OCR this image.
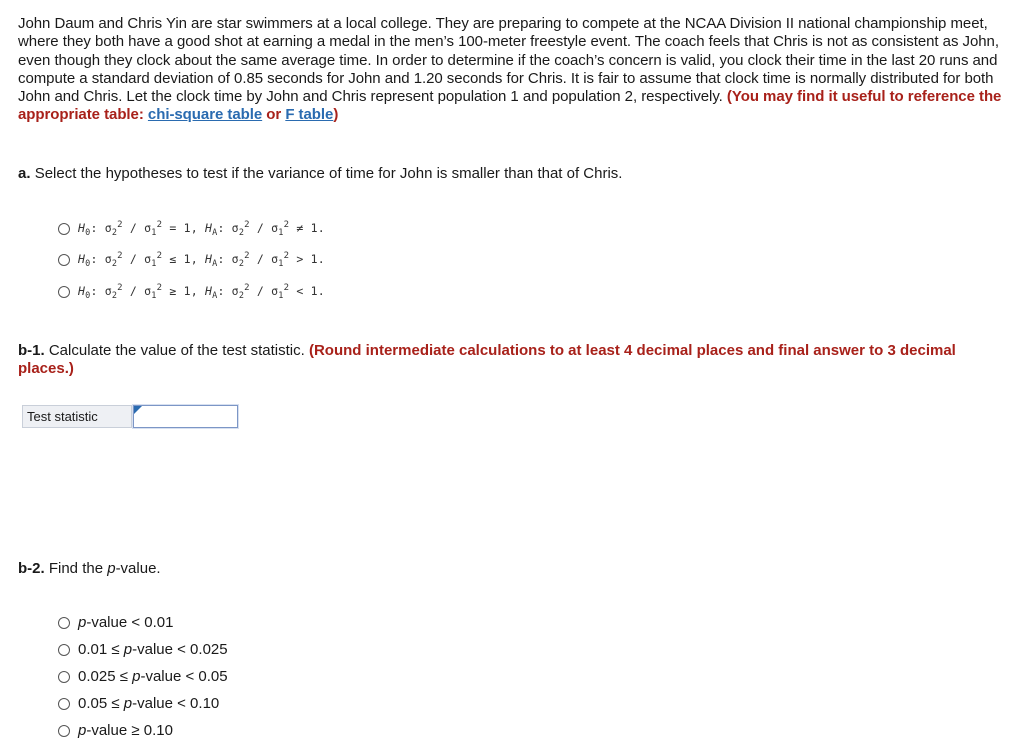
John Daum and Chris Yin are star swimmers at a local college. They are preparing to compete at the NCAA Division II national championship meet, where they both have a good shot at earning a medal in the men’s 100-meter freestyle event. The coach feels that Chris is not as consistent as John, even though they clock about the same average time. In order to determine if the coach’s concern is valid, you clock their time in the last 20 runs and compute a standard deviation of 0.85 seconds for John and 1.20 seconds for Chris. It is fair to assume that clock time is normally distributed for both John and Chris. Let the clock time by John and Chris represent population 1 and population 2, respectively. (You may find it useful to reference the appropriate table: chi-square table or F table)
a. Select the hypotheses to test if the variance of time for John is smaller than that of Chris.
$H_0$: $\sigma_2^2 / \sigma_1^2 = 1$, $H_A$: $\sigma_2^2 / \sigma_1^2 \ne 1$.
$H_0$: $\sigma_2^2 / \sigma_1^2 \le 1$, $H_A$: $\sigma_2^2 / \sigma_1^2 > 1$.
$H_0$: $\sigma_2^2 / \sigma_1^2 \ge 1$, $H_A$: $\sigma_2^2 / \sigma_1^2 < 1$.
b-1. Calculate the value of the test statistic. (Round intermediate calculations to at least 4 decimal places and final answer to 3 decimal places.)
Test statistic
b-2. Find the p-value.
p-value < 0.01
0.01 ≤ p-value < 0.025
0.025 ≤ p-value < 0.05
0.05 ≤ p-value < 0.10
p-value ≥ 0.10
